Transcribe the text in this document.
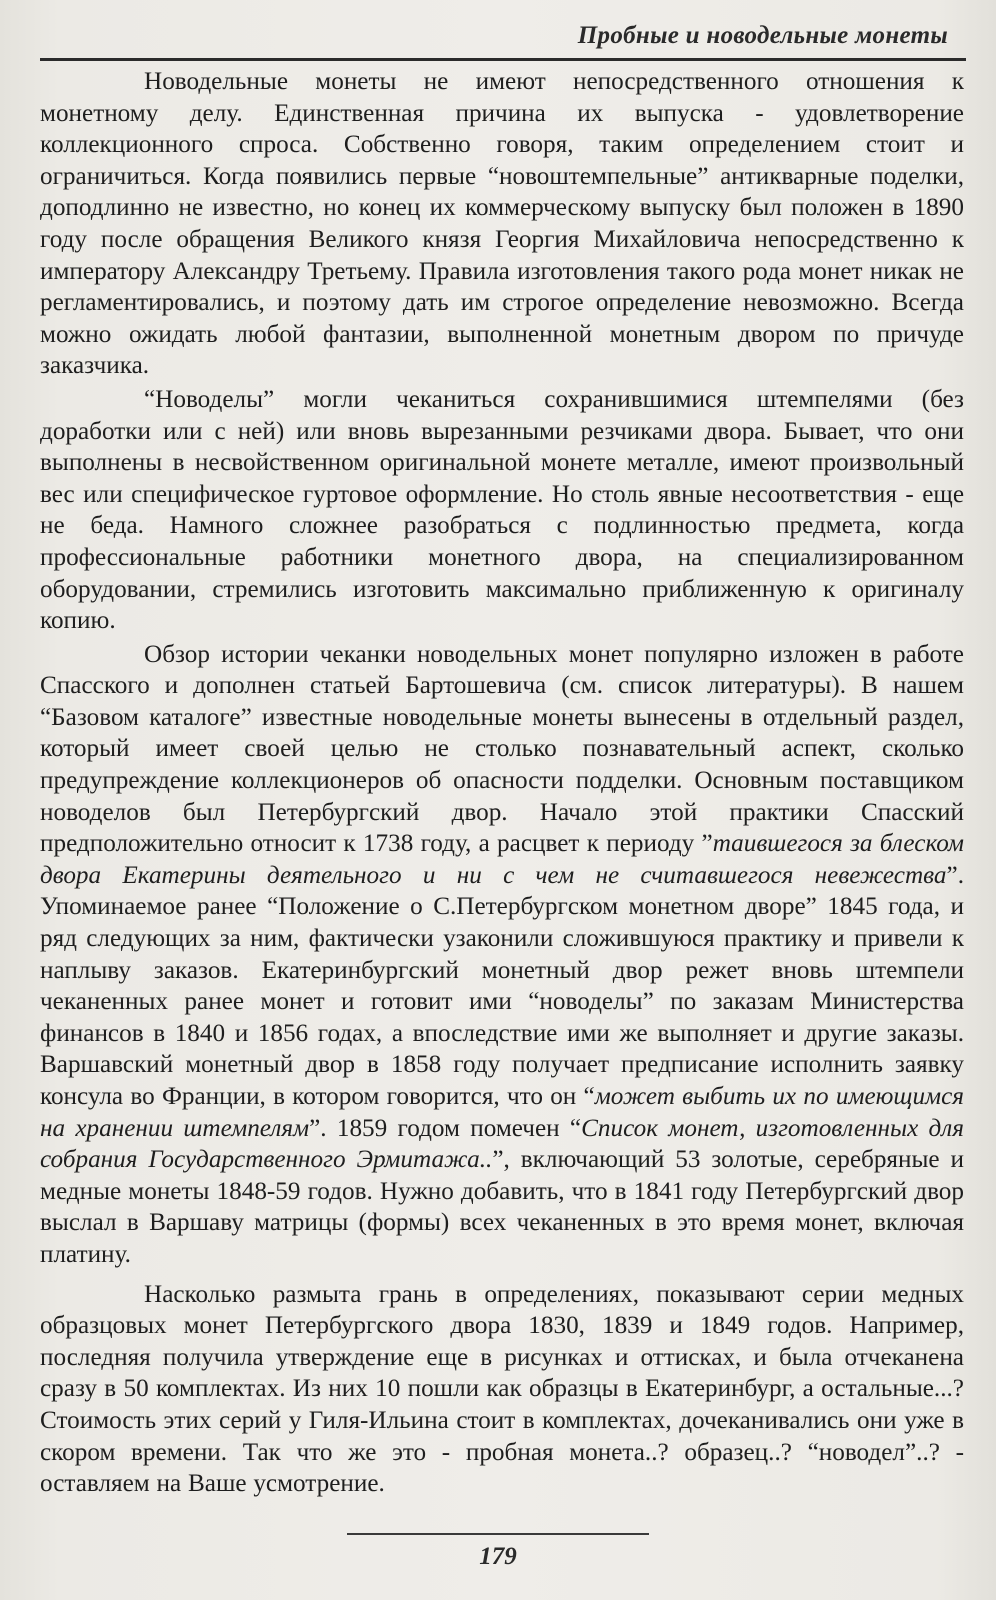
Пробные и новодельные монеты

Новодельные монеты не имеют непосредственного отношения к монетному делу. Единственная причина их выпуска - удовлетворение коллекционного спроса. Собственно говоря, таким определением стоит и ограничиться. Когда появились первые “новоштемпельные” антикварные поделки, доподлинно не известно, но конец их коммерческому выпуску был положен в 1890 году после обращения Великого князя Георгия Михайловича непосредственно к императору Александру Третьему. Правила изготовления такого рода монет никак не регламентировались, и поэтому дать им строгое определение невозможно. Всегда можно ожидать любой фантазии, выполненной монетным двором по причуде заказчика.

“Новоделы” могли чеканиться сохранившимися штемпелями (без доработки или с ней) или вновь вырезанными резчиками двора. Бывает, что они выполнены в несвойственном оригинальной монете металле, имеют произвольный вес или специфическое гуртовое оформление. Но столь явные несоответствия - еще не беда. Намного сложнее разобраться с подлинностью предмета, когда профессиональные работники монетного двора, на специализированном оборудовании, стремились изготовить максимально приближенную к оригиналу копию.

Обзор истории чеканки новодельных монет популярно изложен в работе Спасского и дополнен статьей Бартошевича (см. список литературы). В нашем “Базовом каталоге” известные новодельные монеты вынесены в отдельный раздел, который имеет своей целью не столько познавательный аспект, сколько предупреждение коллекционеров об опасности подделки. Основным поставщиком новоделов был Петербургский двор. Начало этой практики Спасский предположительно относит к 1738 году, а расцвет к периоду ”таившегося за блеском двора Екатерины деятельного и ни с чем не считавшегося невежества”. Упоминаемое ранее “Положение о С.Петербургском монетном дворе” 1845 года, и ряд следующих за ним, фактически узаконили сложившуюся практику и привели к наплыву заказов. Екатеринбургский монетный двор режет вновь штемпели чеканенных ранее монет и готовит ими “новоделы” по заказам Министерства финансов в 1840 и 1856 годах, а впоследствие ими же выполняет и другие заказы. Варшавский монетный двор в 1858 году получает предписание исполнить заявку консула во Франции, в котором говорится, что он “может выбить их по имеющимся на хранении штемпелям”. 1859 годом помечен “Список монет, изготовленных для собрания Государственного Эрмитажа..”, включающий 53 золотые, серебряные и медные монеты 1848-59 годов. Нужно добавить, что в 1841 году Петербургский двор выслал в Варшаву матрицы (формы) всех чеканенных в это время монет, включая платину.

Насколько размыта грань в определениях, показывают серии медных образцовых монет Петербургского двора 1830, 1839 и 1849 годов. Например, последняя получила утверждение еще в рисунках и оттисках, и была отчеканена сразу в 50 комплектах. Из них 10 пошли как образцы в Екатеринбург, а остальные...? Стоимость этих серий у Гиля-Ильина стоит в комплектах, дочеканивались они уже в скором времени. Так что же это - пробная монета..? образец..? “новодел”..? - оставляем на Ваше усмотрение.

179
